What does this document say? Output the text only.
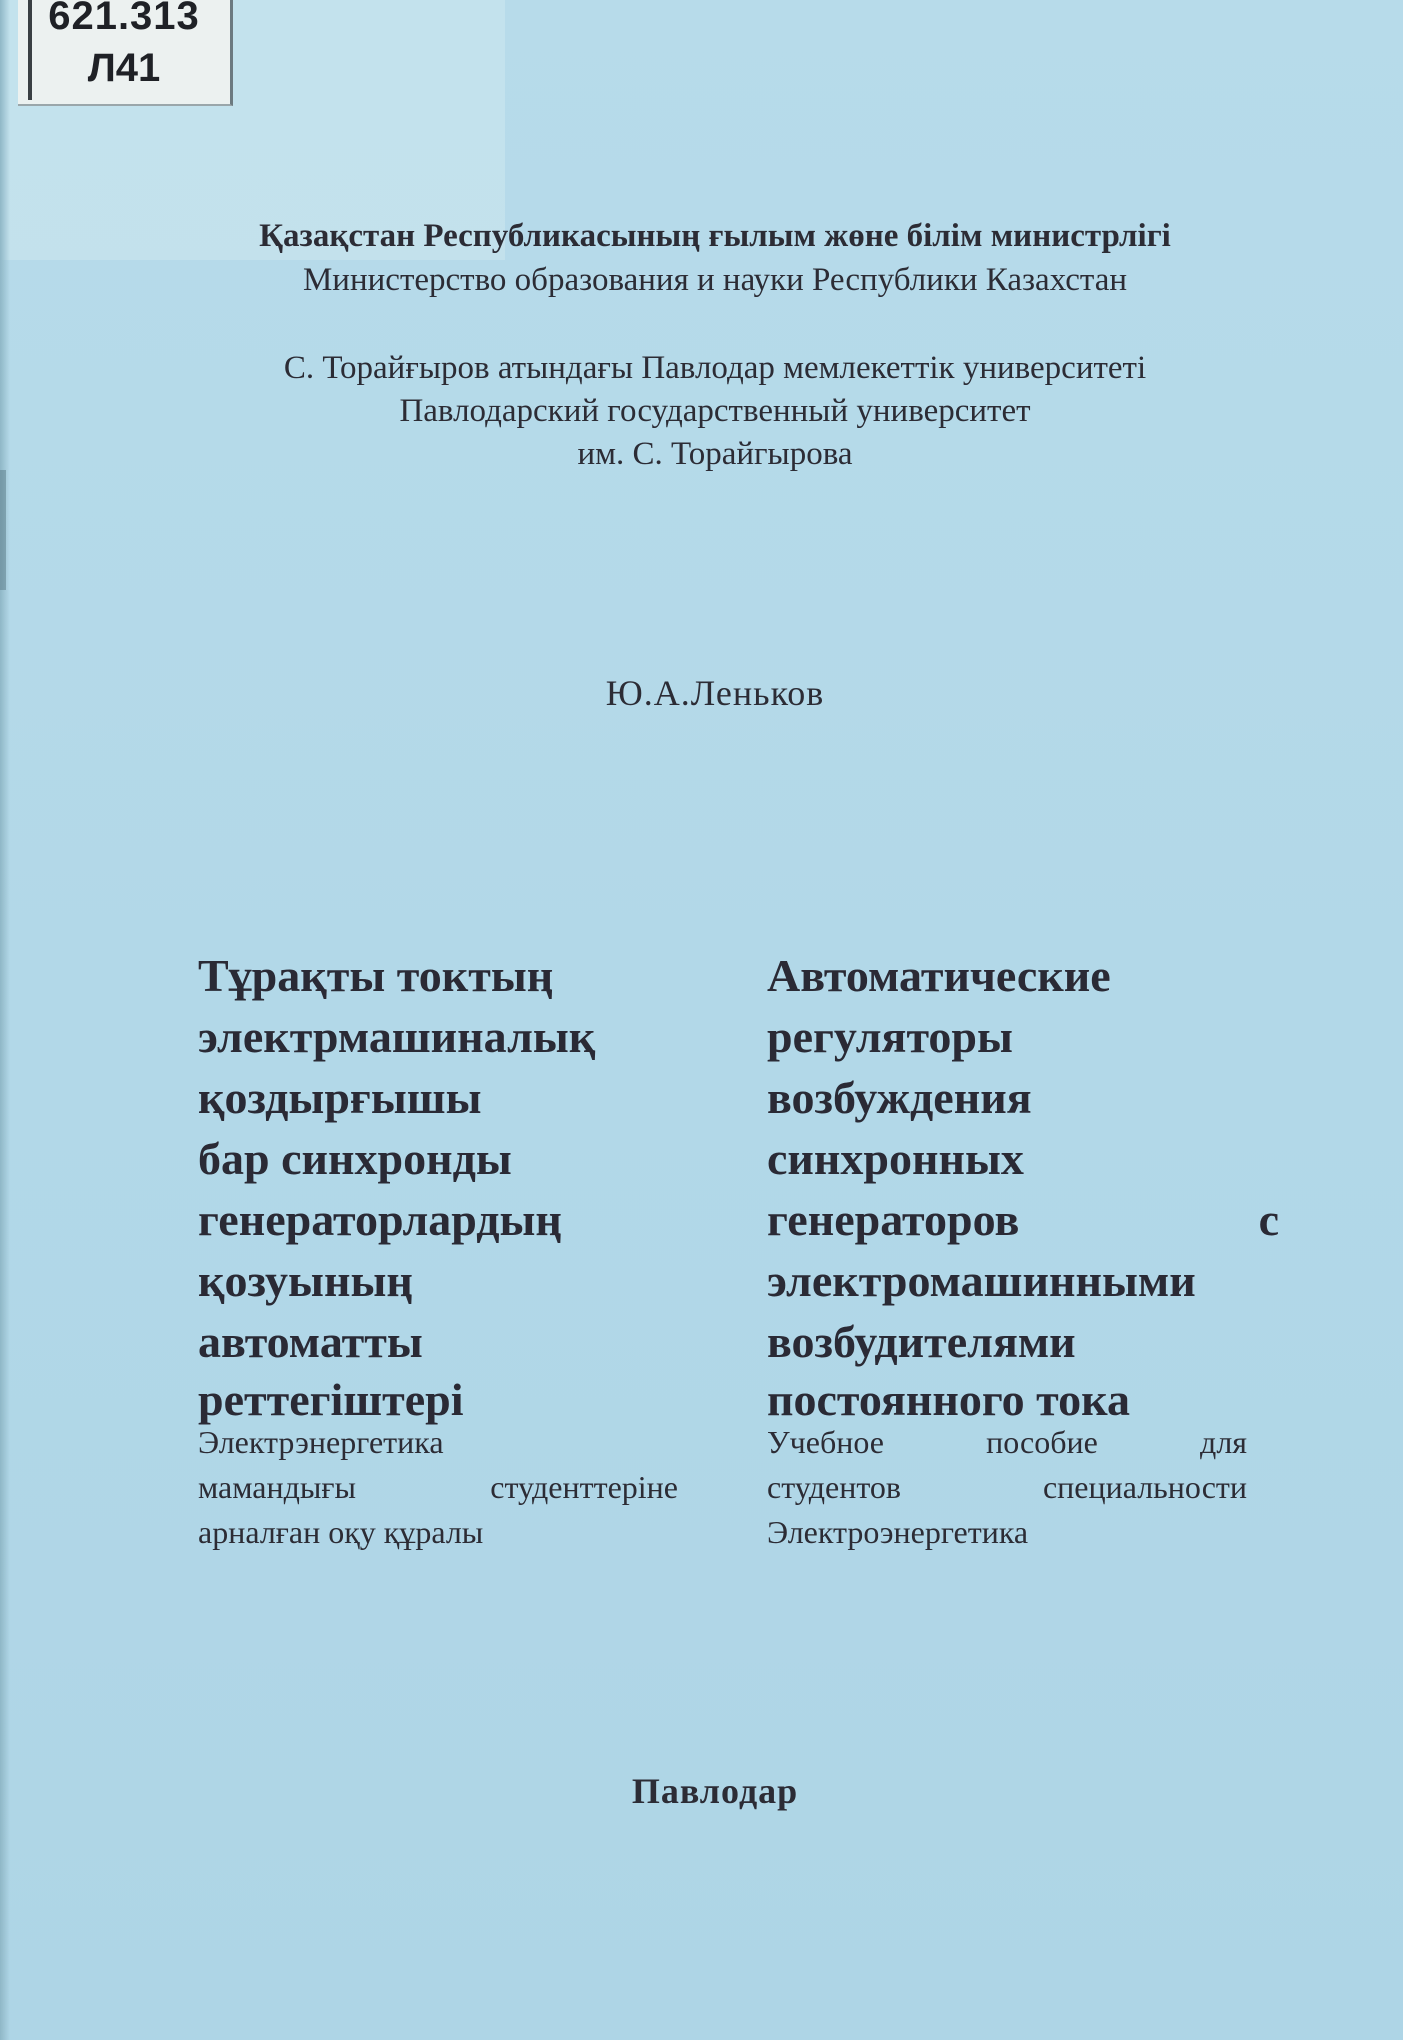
621.313
Л41
Қазақстан Республикасының ғылым жөне білім министрлігі
Министерство образования и науки Республики Казахстан
С. Торайғыров атындағы Павлодар мемлекеттік университеті
Павлодарский государственный университет
им. С. Торайгырова
Ю.А.Леньков
Тұрақты токтың
электрмашиналық
қоздырғышы
бар синхронды
генераторлардың
қозуының
автоматты
реттегіштері
Электрэнергетика
мамандығы	студенттеріне
арналған оқу құралы
Автоматические
регуляторы
возбуждения
синхронных
генераторов	с
электромашинными
возбудителями
постоянного тока
Учебное	пособие	для
студентов	специальности
Электроэнергетика
Павлодар
